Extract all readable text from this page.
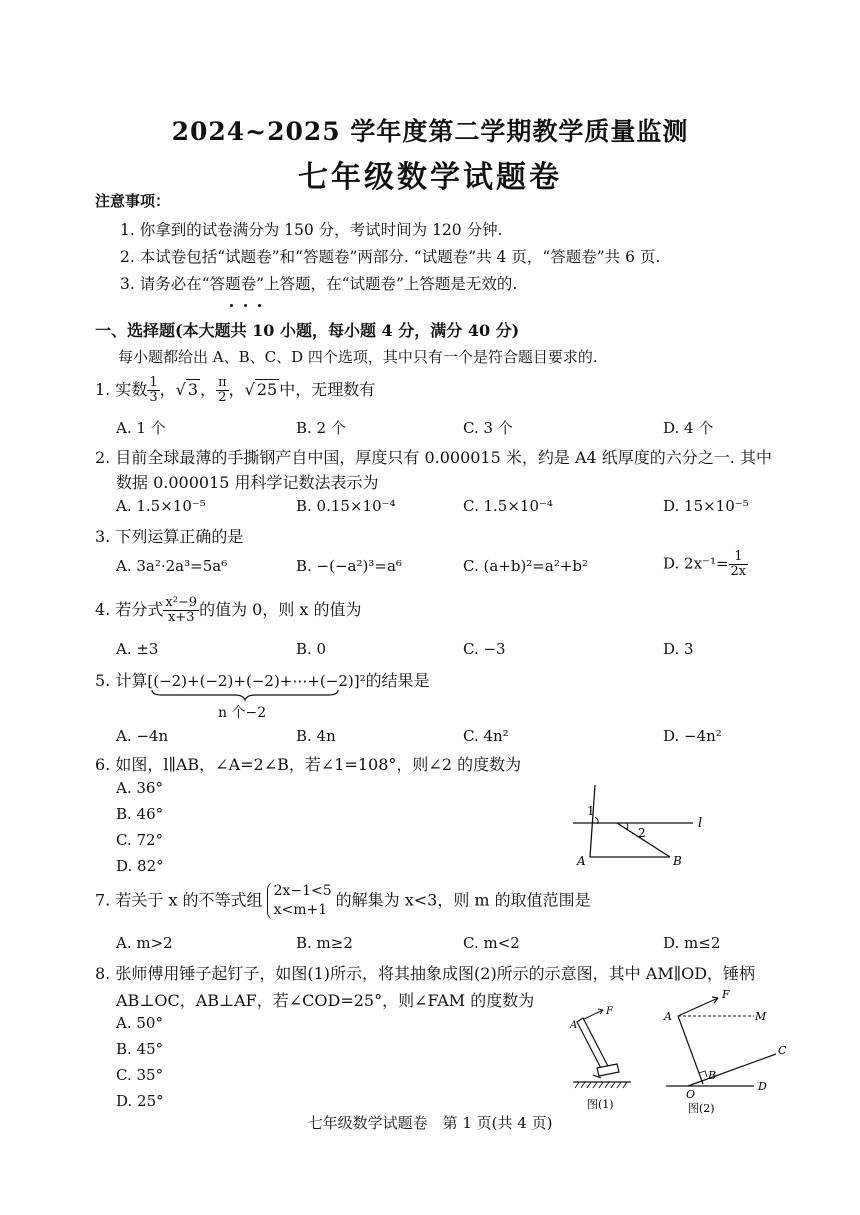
2024~2025 学年度第二学期教学质量监测
七年级数学试题卷
注意事项：
1. 你拿到的试卷满分为 150 分，考试时间为 120 分钟.
2. 本试卷包括“试题卷”和“答题卷”两部分. “试题卷”共 4 页，“答题卷”共 6 页.
3. 请务必在“答题卷”上答题，在“试题卷”上答题是无效的.
一、选择题(本大题共 10 小题，每小题 4 分，满分 40 分)
每小题都给出 A、B、C、D 四个选项，其中只有一个是符合题目要求的.
1. 实数 $\frac{1}{3}$ ，√ 3 ， $\frac{\pi}{2}$ ，√ 25 中，无理数有
A. 1 个	B. 2 个	C. 3 个	D. 4 个
2. 目前全球最薄的手撕钢产自中国，厚度只有 0.000015 米，约是 A4 纸厚度的六分之一. 其中
数据 0.000015 用科学记数法表示为
A. 1.5×10⁻⁵	B. 0.15×10⁻⁴	C. 1.5×10⁻⁴	D. 15×10⁻⁵
3. 下列运算正确的是
A. 3a²·2a³=5a⁶	B. −(−a²)³=a⁶	C. (a+b)²=a²+b²	D. $2x^{-1}= \frac{1}{2x}$
4. 若分式 $\frac{\text{x²−9}}{x+3}$ 的值为 0，则 x 的值为
A. ±3	B. 0	C. −3	D. 3
5. 计算[(−2)+(−2)+(−2)+⋯+(−2)]²的结果是
n 个−2
A. −4n	B. 4n	C. 4n²	D. −4n²
6. 如图，l∥AB，∠A=2∠B，若∠1=108°，则∠2 的度数为
A. 36°
B. 46°
C. 72°
D. 82°
1
2
l
A	B
7. 若关于 x 的不等式组 2x−1<5
x<m+1
的解集为 x<3，则 m 的取值范围是
A. m>2	B. m≥2	C. m<2	D. m≤2
8. 张师傅用锤子起钉子，如图(1)所示，将其抽象成图(2)所示的示意图，其中 AM∥OD，锤柄
AB⊥OC，AB⊥AF，若∠COD=25°，则∠FAM 的度数为
A. 50°
B. 45°
C. 35°
D. 25°
F
A
图(1)
F
A	M
B
C
O
D
图(2)
七年级数学试题卷　第 1 页(共 4 页)
